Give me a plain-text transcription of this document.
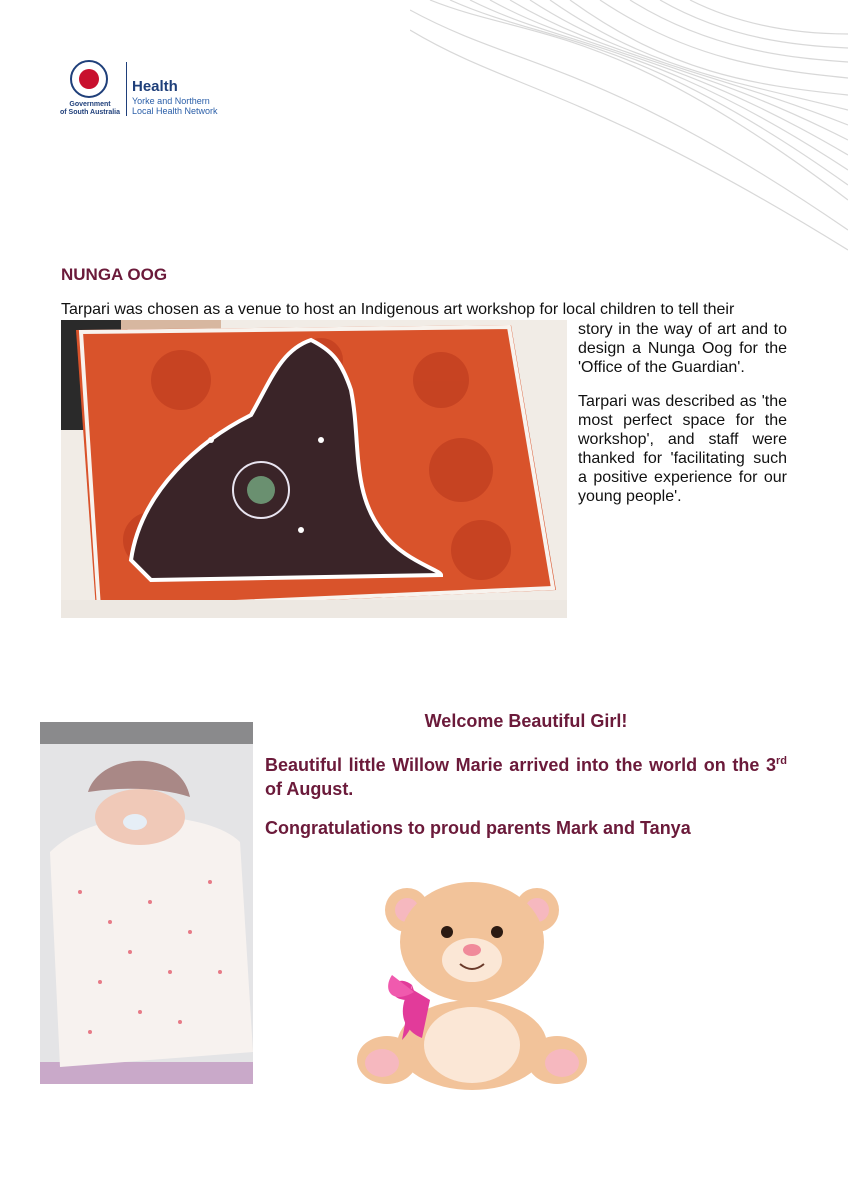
Government
of South Australia
Health
Yorke and Northern
Local Health Network
NUNGA OOG
Tarpari was chosen as a venue to host an Indigenous art workshop for local children to tell their
story in the way of art and to design a Nunga Oog for the 'Office of the Guardian'.
Tarpari was described as 'the most perfect space for the workshop', and staff were thanked for 'facilitating such a positive experience for our young people'.
Welcome Beautiful Girl!
Beautiful little Willow Marie arrived into the world on the 3rd of August.
Congratulations to proud parents Mark and Tanya
